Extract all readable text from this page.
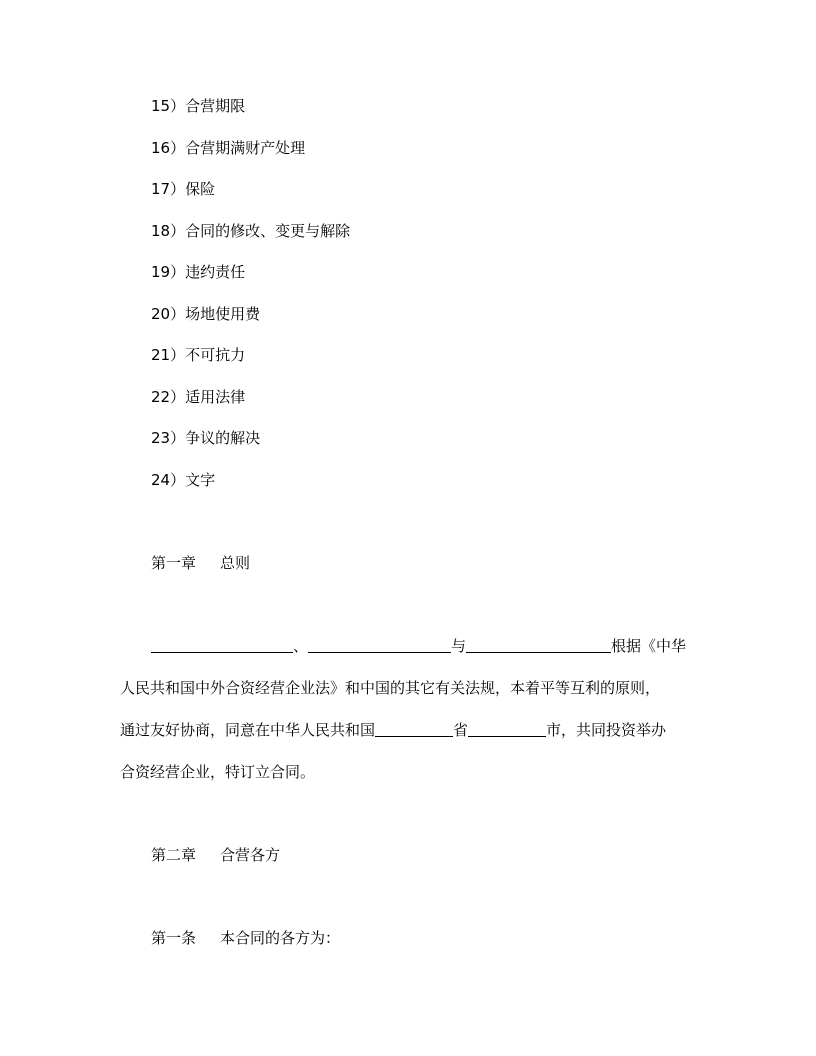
15）合营期限
16）合营期满财产处理
17）保险
18）合同的修改、变更与解除
19）违约责任
20）场地使用费
21）不可抗力
22）适用法律
23）争议的解决
24）文字
第一章 总则
、	与	根据《中华
人民共和国中外合资经营企业法》和中国的其它有关法规，本着平等互利的原则，
通过友好协商，同意在中华人民共和国	省	市，共同投资举办
合资经营企业，特订立合同。
第二章 合营各方
第一条 本合同的各方为：
